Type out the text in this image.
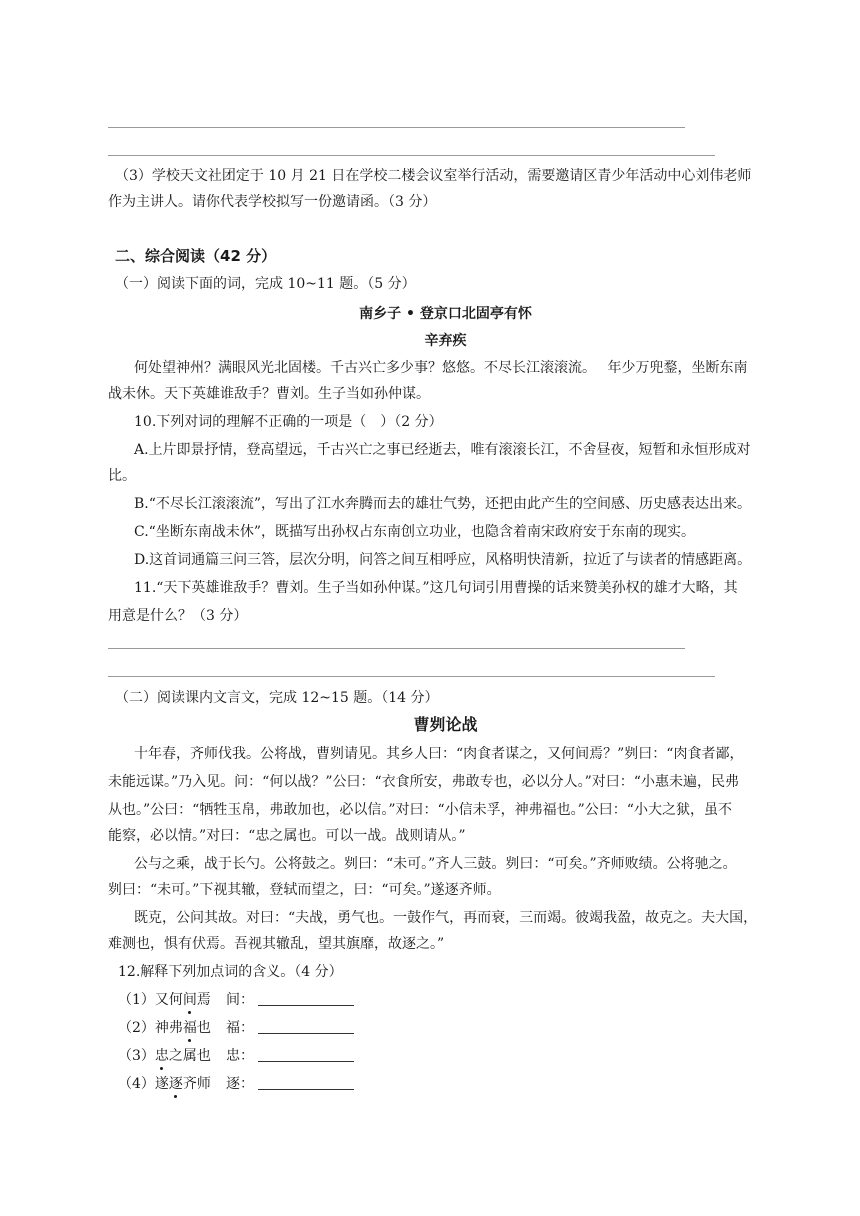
（3）学校天文社团定于 10 月 21 日在学校二楼会议室举行活动，需要邀请区青少年活动中心刘伟老师
作为主讲人。请你代表学校拟写一份邀请函。（3 分）
二、综合阅读（42 分）
（一）阅读下面的词，完成 10~11 题。（5 分）
南乡子 • 登京口北固亭有怀
辛弃疾
何处望神州？满眼风光北固楼。千古兴亡多少事？悠悠。不尽长江滚滚流。　 年少万兜鍪，坐断东南
战未休。天下英雄谁敌手？曹刘。生子当如孙仲谋。
10.下列对词的理解不正确的一项是（　）（2 分）
A.上片即景抒情，登高望远，千古兴亡之事已经逝去，唯有滚滚长江，不舍昼夜，短暂和永恒形成对
比。
B.“不尽长江滚滚流”，写出了江水奔腾而去的雄壮气势，还把由此产生的空间感、历史感表达出来。
C.“坐断东南战未休”，既描写出孙权占东南创立功业，也隐含着南宋政府安于东南的现实。
D.这首词通篇三问三答，层次分明，问答之间互相呼应，风格明快清新，拉近了与读者的情感距离。
11.“天下英雄谁敌手？曹刘。生子当如孙仲谋。”这几句词引用曹操的话来赞美孙权的雄才大略，其
用意是什么？（3 分）
（二）阅读课内文言文，完成 12~15 题。（14 分）
曹刿论战
十年春，齐师伐我。公将战，曹刿请见。其乡人曰：“肉食者谋之，又何间焉？”刿曰：“肉食者鄙，
未能远谋。”乃入见。问：“何以战？”公曰：“衣食所安，弗敢专也，必以分人。”对曰：“小惠未遍，民弗
从也。”公曰：“牺牲玉帛，弗敢加也，必以信。”对曰：“小信未孚，神弗福也。”公曰：“小大之狱，虽不
能察，必以情。”对曰：“忠之属也。可以一战。战则请从。”
公与之乘，战于长勺。公将鼓之。刿曰：“未可。”齐人三鼓。刿曰：“可矣。”齐师败绩。公将驰之。
刿曰：“未可。”下视其辙，登轼而望之，曰：“可矣。”遂逐齐师。
既克，公问其故。对曰：“夫战，勇气也。一鼓作气，再而衰，三而竭。彼竭我盈，故克之。夫大国，
难测也，惧有伏焉。吾视其辙乱，望其旗靡，故逐之。”
12.解释下列加点词的含义。（4 分）
（1）又何间焉 间：
（2）神弗福也 福：
（3）忠之属也 忠：
（4）遂逐齐师 逐：
